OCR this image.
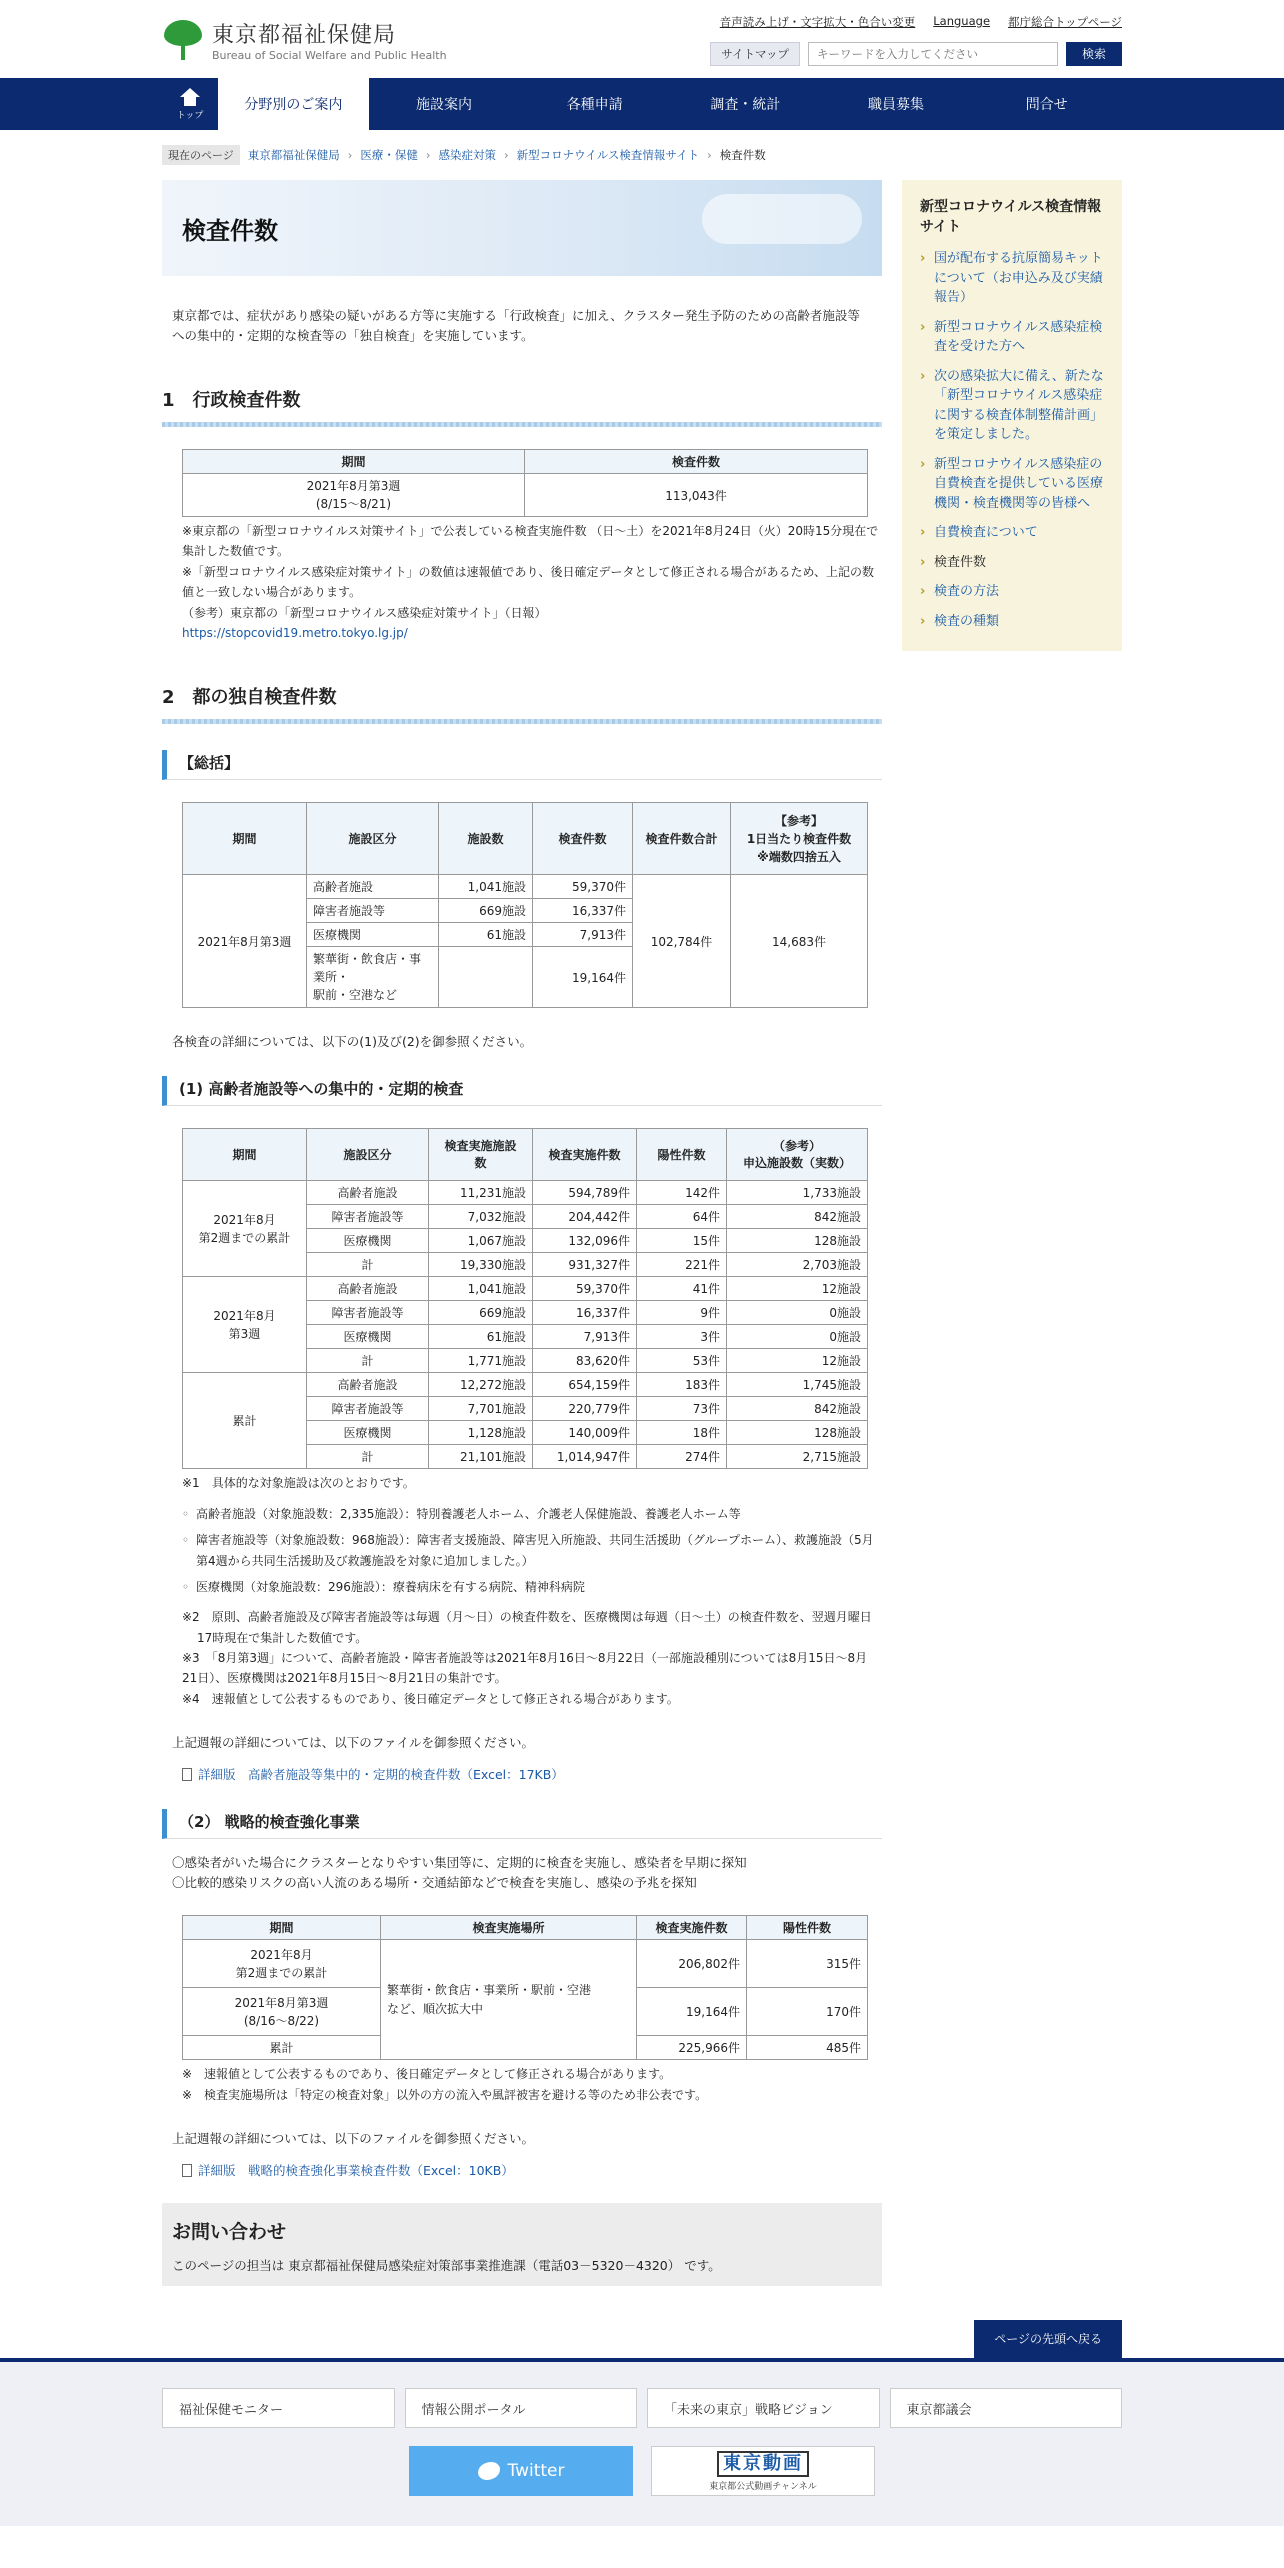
東京都福祉保健局
Bureau of Social Welfare and Public Health
音声読み上げ・文字拡大・色合い変更 Language 都庁総合トップページ
サイトマップ
キーワードを入力してください	検索
トップ
分野別のご案内	施設案内	各種申請	調査・統計	職員募集	問合せ
現在のページ	東京都福祉保健局 › 医療・保健 › 感染症対策 › 新型コロナウイルス検査情報サイト › 検査件数
検査件数

東京都では、症状があり感染の疑いがある方等に実施する「行政検査」に加え、クラスター発生予防のための高齢者施設等への集中的・定期的な検査等の「独自検査」を実施しています。

1　行政検査件数
期間	検査件数
2021年8月第3週
(8/15～8/21)	113,043件
※東京都の「新型コロナウイルス対策サイト」で公表している検査実施件数 （日～土）を2021年8月24日（火）20時15分現在で集計した数値です。
※「新型コロナウイルス感染症対策サイト」の数値は速報値であり、後日確定データとして修正される場合があるため、上記の数値と一致しない場合があります。
（参考）東京都の「新型コロナウイルス感染症対策サイト」（日報）
https://stopcovid19.metro.tokyo.lg.jp/
2　都の独自検査件数
【総括】
期間	施設区分	施設数	検査件数	検査件数合計	【参考】
1日当たり検査件数
※端数四捨五入
2021年8月第3週	高齢者施設	1,041施設	59,370件	102,784件	14,683件
	障害者施設等	669施設	16,337件		
	医療機関	61施設	7,913件		
	繁華街・飲食店・事業所・
駅前・空港など		19,164件		

各検査の詳細については、以下の(1)及び(2)を御参照ください。

(1) 高齢者施設等への集中的・定期的検査
期間	施設区分	検査実施施設
数	検査実施件数	陽性件数	（参考）
申込施設数（実数）
2021年8月
第2週までの累計	高齢者施設	11,231施設	594,789件	142件	1,733施設
	障害者施設等	7,032施設	204,442件	64件	842施設
	医療機関	1,067施設	132,096件	15件	128施設
	計	19,330施設	931,327件	221件	2,703施設
2021年8月
第3週	高齢者施設	1,041施設	59,370件	41件	12施設
	障害者施設等	669施設	16,337件	9件	0施設
	医療機関	61施設	7,913件	3件	0施設
	計	1,771施設	83,620件	53件	12施設
累計	高齢者施設	12,272施設	654,159件	183件	1,745施設
	障害者施設等	7,701施設	220,779件	73件	842施設
	医療機関	1,128施設	140,009件	18件	128施設
	計	21,101施設	1,014,947件	274件	2,715施設
※1　具体的な対象施設は次のとおりです。
◦ 高齢者施設（対象施設数：2,335施設）：特別養護老人ホーム、介護老人保健施設、養護老人ホーム等
◦ 障害者施設等（対象施設数：968施設）：障害者支援施設、障害児入所施設、共同生活援助（グループホーム）、救護施設（5月第4週から共同生活援助及び救護施設を対象に追加しました。）
◦ 医療機関（対象施設数：296施設）：療養病床を有する病院、精神科病院
※2　原則、高齢者施設及び障害者施設等は毎週（月～日）の検査件数を、医療機関は毎週（日～土）の検査件数を、翌週月曜日17時現在で集計した数値です。
※3　「8月第3週」について、高齢者施設・障害者施設等は2021年8月16日～8月22日（一部施設種別については8月15日～8月21日）、医療機関は2021年8月15日～8月21日の集計です。
※4　速報値として公表するものであり、後日確定データとして修正される場合があります。

上記週報の詳細については、以下のファイルを御参照ください。

詳細版　高齢者施設等集中的・定期的検査件数（Excel：17KB）
（2） 戦略的検査強化事業
〇感染者がいた場合にクラスターとなりやすい集団等に、定期的に検査を実施し、感染者を早期に探知
〇比較的感染リスクの高い人流のある場所・交通結節などで検査を実施し、感染の予兆を探知
期間	検査実施場所	検査実施件数	陽性件数
2021年8月
第2週までの累計	繁華街・飲食店・事業所・駅前・空港
など、順次拡大中	206,802件	315件
2021年8月第3週
(8/16～8/22)		19,164件	170件
累計		225,966件	485件
※　速報値として公表するものであり、後日確定データとして修正される場合があります。
※　検査実施場所は「特定の検査対象」以外の方の流入や風評被害を避ける等のため非公表です。

上記週報の詳細については、以下のファイルを御参照ください。

詳細版　戦略的検査強化事業検査件数（Excel：10KB）
お問い合わせ

このページの担当は 東京都福祉保健局感染症対策部事業推進課（電話03－5320－4320） です。

新型コロナウイルス検査情報サイト
› 国が配布する抗原簡易キットについて（お申込み及び実績報告）
› 新型コロナウイルス感染症検査を受けた方へ
› 次の感染拡大に備え、新たな「新型コロナウイルス感染症に関する検査体制整備計画」を策定しました。
› 新型コロナウイルス感染症の自費検査を提供している医療機関・検査機関等の皆様へ
› 自費検査について
› 検査件数
› 検査の方法
› 検査の種類
ページの先頭へ戻る
福祉保健モニター	情報公開ポータル	「未来の東京」戦略ビジョン	東京都議会
Twitter	東京動画
東京都公式動画チャンネル
